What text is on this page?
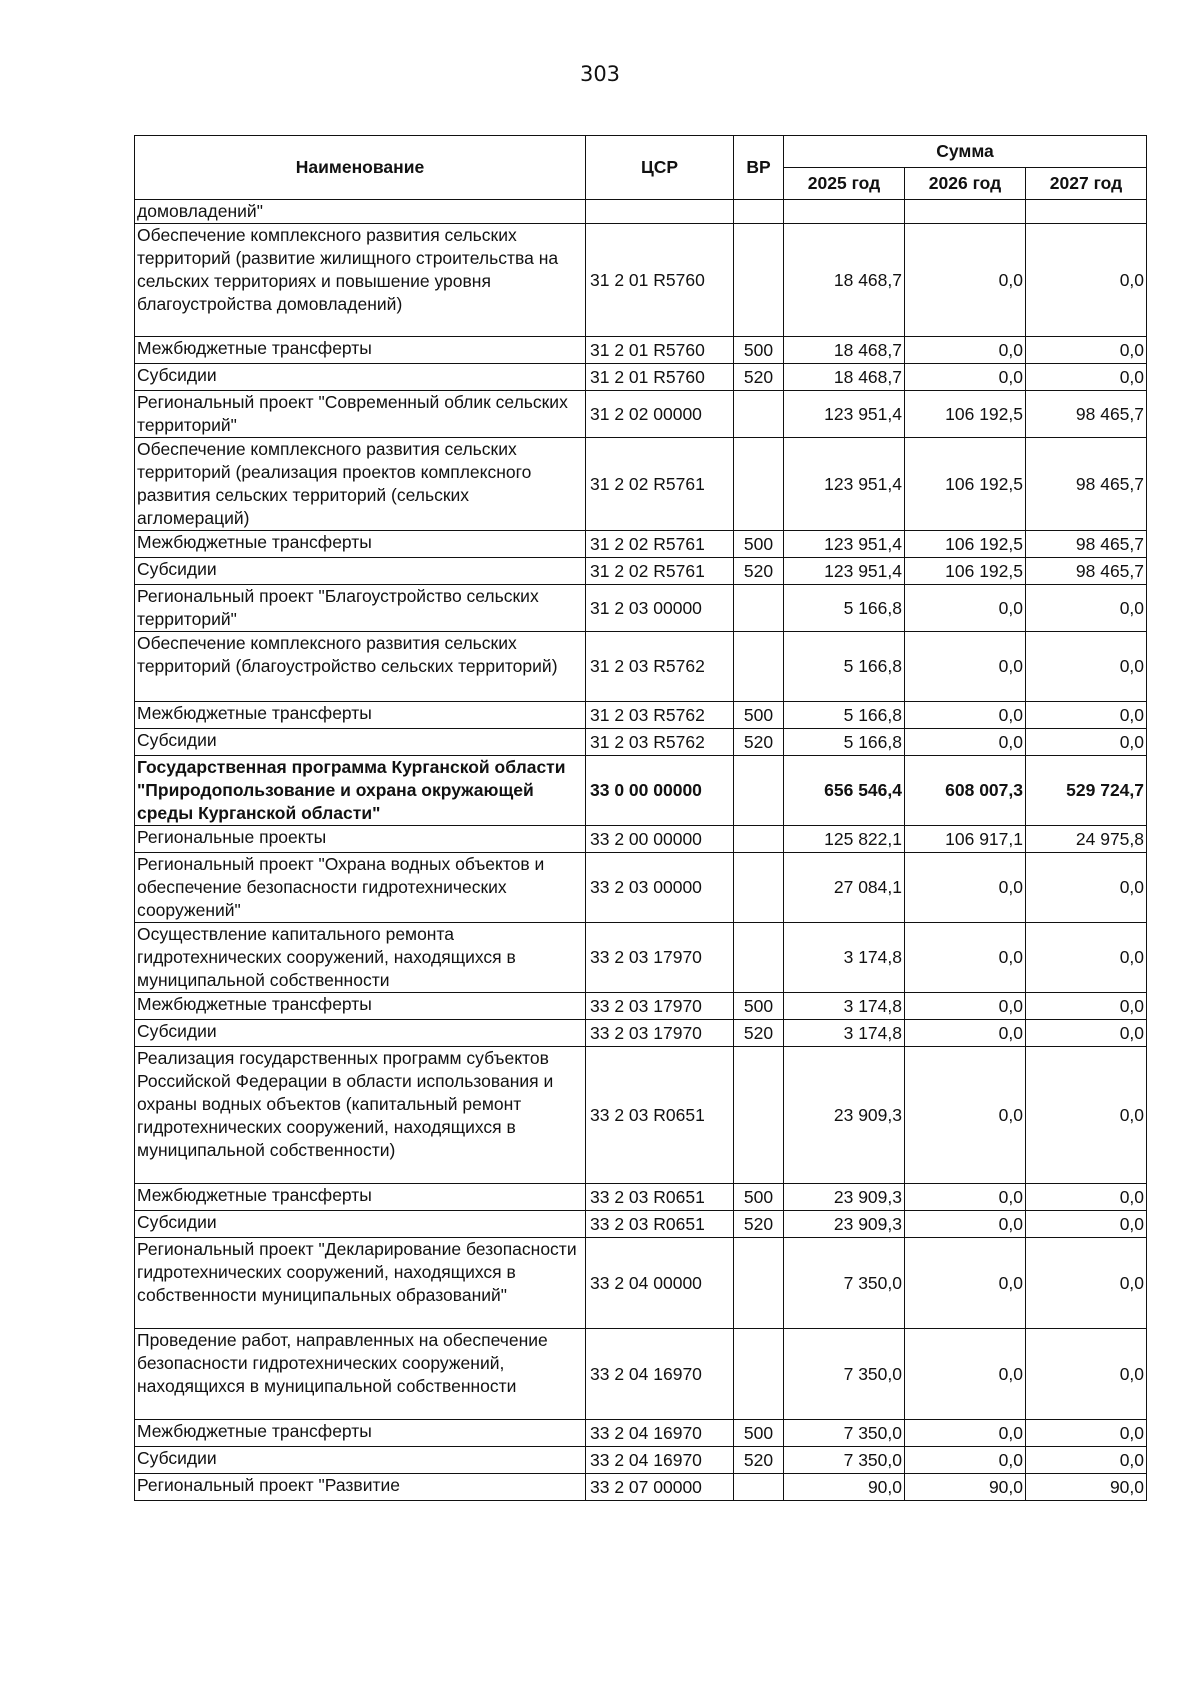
303
Наименование	ЦСР	ВР	Сумма		
			2025 год	2026 год	2027 год
домовладений"					
Обеспечение комплексного развития сельских территорий (развитие жилищного строительства на сельских территориях и повышение уровня благоустройства домовладений)	31 2 01 R5760		18 468,7	0,0	0,0
Межбюджетные трансферты	31 2 01 R5760	500	18 468,7	0,0	0,0
Субсидии	31 2 01 R5760	520	18 468,7	0,0	0,0
Региональный проект "Современный облик сельских территорий"	31 2 02 00000		123 951,4	106 192,5	98 465,7
Обеспечение комплексного развития сельских территорий (реализация проектов комплексного развития сельских территорий (сельских агломераций)	31 2 02 R5761		123 951,4	106 192,5	98 465,7
Межбюджетные трансферты	31 2 02 R5761	500	123 951,4	106 192,5	98 465,7
Субсидии	31 2 02 R5761	520	123 951,4	106 192,5	98 465,7
Региональный проект "Благоустройство сельских территорий"	31 2 03 00000		5 166,8	0,0	0,0
Обеспечение комплексного развития сельских территорий (благоустройство сельских территорий)	31 2 03 R5762		5 166,8	0,0	0,0
Межбюджетные трансферты	31 2 03 R5762	500	5 166,8	0,0	0,0
Субсидии	31 2 03 R5762	520	5 166,8	0,0	0,0
Государственная программа Курганской области "Природопользование и охрана окружающей среды Курганской области"	33 0 00 00000		656 546,4	608 007,3	529 724,7
Региональные проекты	33 2 00 00000		125 822,1	106 917,1	24 975,8
Региональный проект "Охрана водных объектов и обеспечение безопасности гидротехнических сооружений"	33 2 03 00000		27 084,1	0,0	0,0
Осуществление капитального ремонта гидротехнических сооружений, находящихся в муниципальной собственности	33 2 03 17970		3 174,8	0,0	0,0
Межбюджетные трансферты	33 2 03 17970	500	3 174,8	0,0	0,0
Субсидии	33 2 03 17970	520	3 174,8	0,0	0,0
Реализация государственных программ субъектов Российской Федерации в области использования и охраны водных объектов (капитальный ремонт гидротехнических сооружений, находящихся в муниципальной собственности)	33 2 03 R0651		23 909,3	0,0	0,0
Межбюджетные трансферты	33 2 03 R0651	500	23 909,3	0,0	0,0
Субсидии	33 2 03 R0651	520	23 909,3	0,0	0,0
Региональный проект "Декларирование безопасности гидротехнических сооружений, находящихся в собственности муниципальных образований"	33 2 04 00000		7 350,0	0,0	0,0
Проведение работ, направленных на обеспечение безопасности гидротехнических сооружений, находящихся в муниципальной собственности	33 2 04 16970		7 350,0	0,0	0,0
Межбюджетные трансферты	33 2 04 16970	500	7 350,0	0,0	0,0
Субсидии	33 2 04 16970	520	7 350,0	0,0	0,0
Региональный проект "Развитие	33 2 07 00000		90,0	90,0	90,0
